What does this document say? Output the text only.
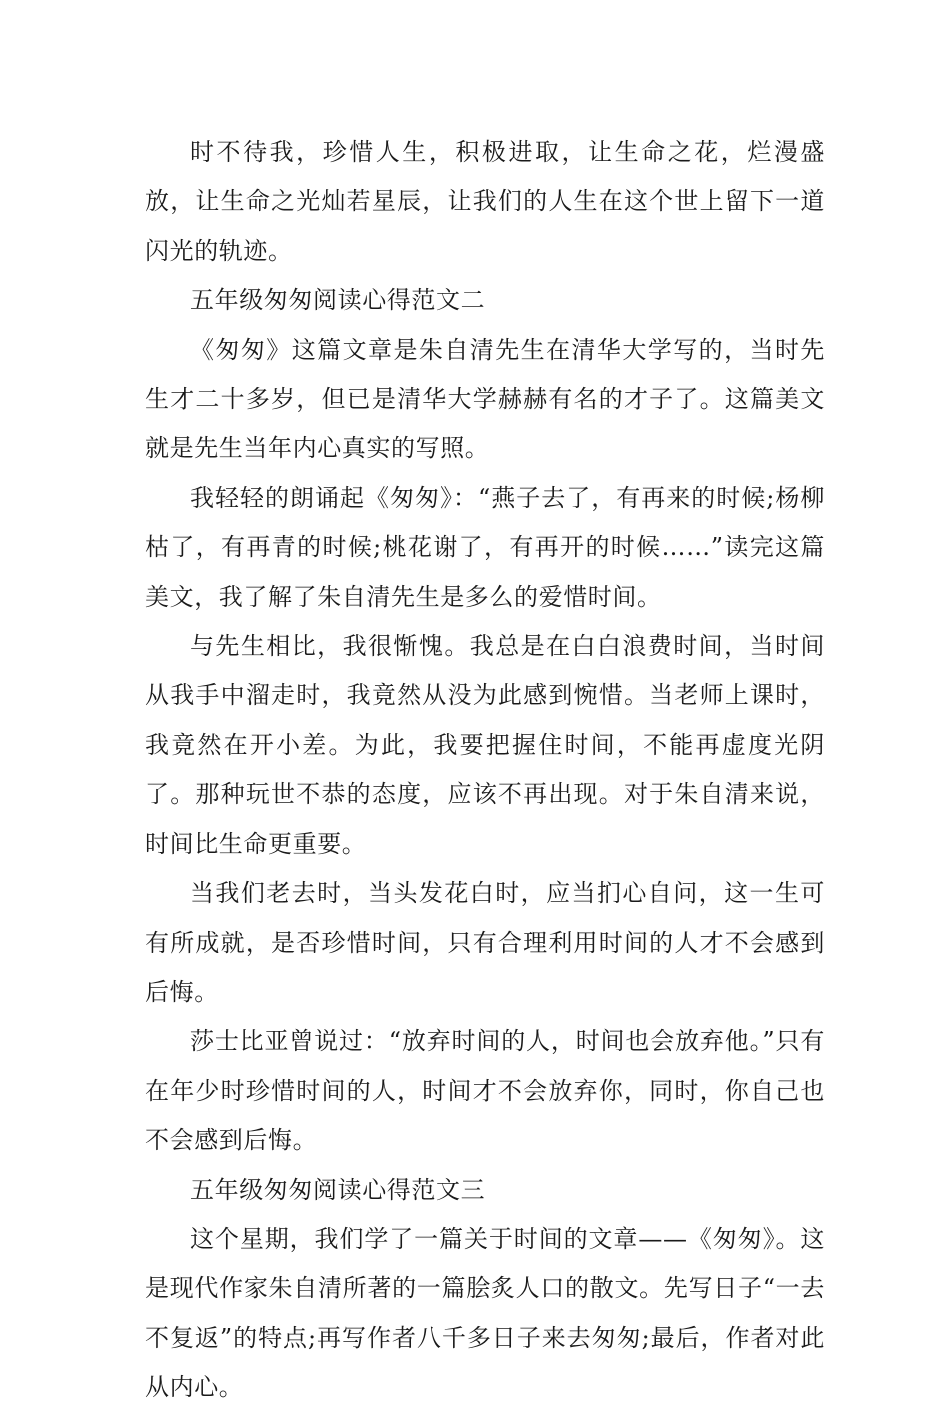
时不待我，珍惜人生，积极进取，让生命之花，烂漫盛放，让生命之光灿若星辰，让我们的人生在这个世上留下一道闪光的轨迹。

五年级匆匆阅读心得范文二

《匆匆》这篇文章是朱自清先生在清华大学写的，当时先生才二十多岁，但已是清华大学赫赫有名的才子了。这篇美文就是先生当年内心真实的写照。

我轻轻的朗诵起《匆匆》：“燕子去了，有再来的时候;杨柳枯了，有再青的时候;桃花谢了，有再开的时候……”读完这篇美文，我了解了朱自清先生是多么的爱惜时间。

与先生相比，我很惭愧。我总是在白白浪费时间，当时间从我手中溜走时，我竟然从没为此感到惋惜。当老师上课时，我竟然在开小差。为此，我要把握住时间，不能再虚度光阴了。那种玩世不恭的态度，应该不再出现。对于朱自清来说，时间比生命更重要。

当我们老去时，当头发花白时，应当扪心自问，这一生可有所成就，是否珍惜时间，只有合理利用时间的人才不会感到后悔。

莎士比亚曾说过：“放弃时间的人，时间也会放弃他。”只有在年少时珍惜时间的人，时间才不会放弃你，同时，你自己也不会感到后悔。

五年级匆匆阅读心得范文三

这个星期，我们学了一篇关于时间的文章——《匆匆》。这是现代作家朱自清所著的一篇脍炙人口的散文。先写日子“一去不复返”的特点;再写作者八千多日子来去匆匆;最后，作者对此从内心。
